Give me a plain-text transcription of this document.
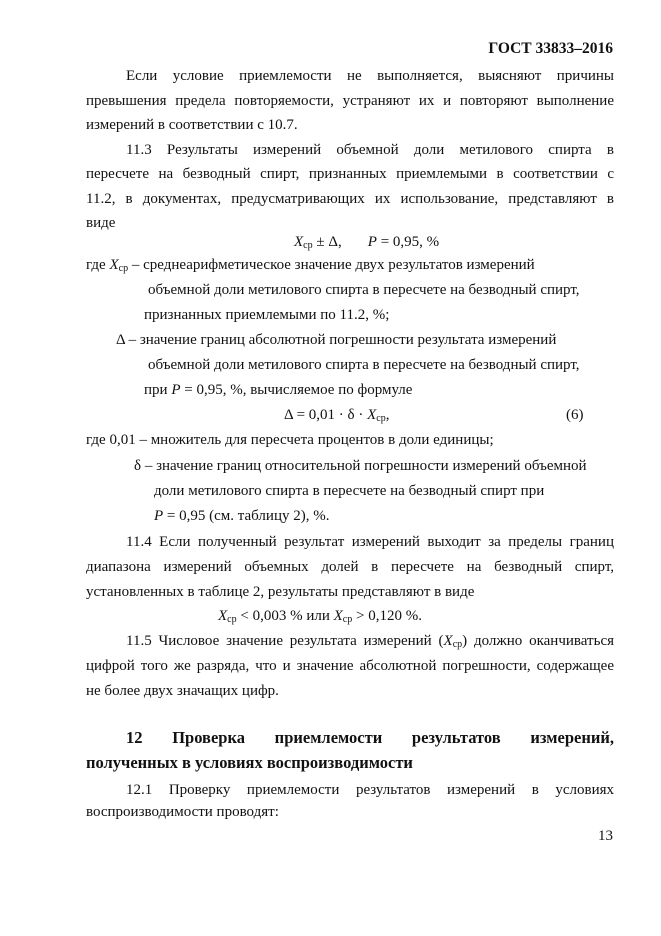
ГОСТ 33833–2016
Если условие приемлемости не выполняется, выясняют причины
превышения предела повторяемости, устраняют их и повторяют выполнение
измерений в соответствии с 10.7.
11.3 Результаты измерений объемной доли метилового спирта в
пересчете на безводный спирт, признанных приемлемыми в соответствии с
11.2, в документах, предусматривающих их использование, представляют в
виде
$X_{ср} \pm \Delta$, P = 0,95, %
где $X_{ср}$ – среднеарифметическое значение двух результатов измерений
объемной доли метилового спирта в пересчете на безводный спирт,
признанных приемлемыми по 11.2, %;
Δ – значение границ абсолютной погрешности результата измерений
объемной доли метилового спирта в пересчете на безводный спирт,
при P = 0,95, %, вычисляемое по формуле
$\Delta = 0,01 \cdot \delta \cdot X_{ср}$,	(6)
где 0,01 – множитель для пересчета процентов в доли единицы;
δ – значение границ относительной погрешности измерений объемной
доли метилового спирта в пересчете на безводный спирт при
P = 0,95 (см. таблицу 2), %.
11.4 Если полученный результат измерений выходит за пределы границ
диапазона измерений объемных долей в пересчете на безводный спирт,
установленных в таблице 2, результаты представляют в виде
$X_{ср} < 0,003$ % или $X_{ср} > 0,120$ %.
11.5 Числовое значение результата измерений $(X_{ср})$ должно оканчиваться
цифрой того же разряда, что и значение абсолютной погрешности, содержащее
не более двух значащих цифр.
12 Проверка приемлемости результатов измерений,
полученных в условиях воспроизводимости
12.1 Проверку приемлемости результатов измерений в условиях
воспроизводимости проводят:
13
